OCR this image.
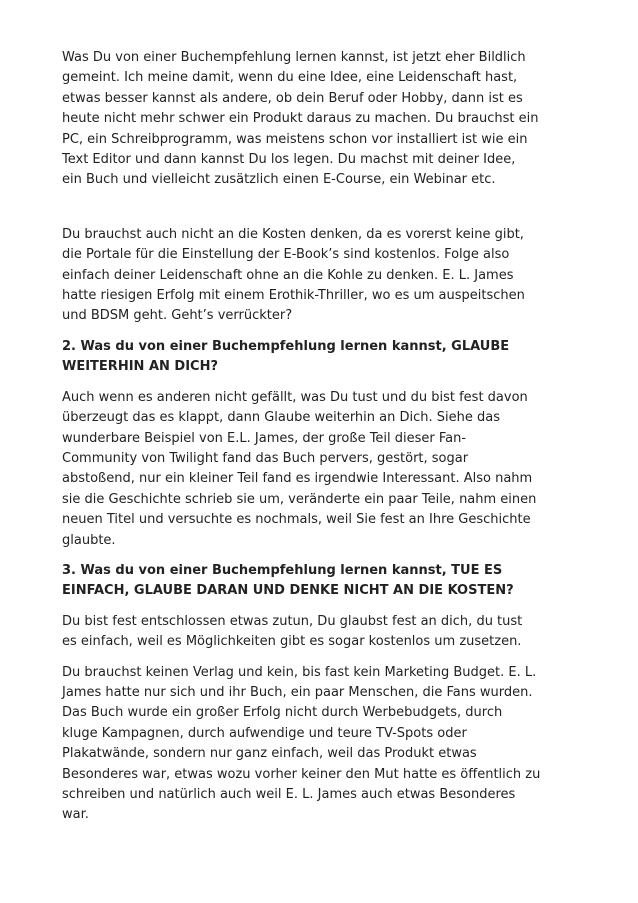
Was Du von einer Buchempfehlung lernen kannst, ist jetzt eher Bildlich
gemeint. Ich meine damit, wenn du eine Idee, eine Leidenschaft hast,
etwas besser kannst als andere, ob dein Beruf oder Hobby, dann ist es
heute nicht mehr schwer ein Produkt daraus zu machen. Du brauchst ein
PC, ein Schreibprogramm, was meistens schon vor installiert ist wie ein
Text Editor und dann kannst Du los legen. Du machst mit deiner Idee,
ein Buch und vielleicht zusätzlich einen E-Course, ein Webinar etc.

Du brauchst auch nicht an die Kosten denken, da es vorerst keine gibt,
die Portale für die Einstellung der E-Book’s sind kostenlos. Folge also
einfach deiner Leidenschaft ohne an die Kohle zu denken. E. L. James
hatte riesigen Erfolg mit einem Erothik-Thriller, wo es um auspeitschen
und BDSM geht. Geht’s verrückter?

2. Was du von einer Buchempfehlung lernen kannst, GLAUBE
WEITERHIN AN DICH?

Auch wenn es anderen nicht gefällt, was Du tust und du bist fest davon
überzeugt das es klappt, dann Glaube weiterhin an Dich. Siehe das
wunderbare Beispiel von E.L. James, der große Teil dieser Fan-
Community von Twilight fand das Buch pervers, gestört, sogar
abstoßend, nur ein kleiner Teil fand es irgendwie Interessant. Also nahm
sie die Geschichte schrieb sie um, veränderte ein paar Teile, nahm einen
neuen Titel und versuchte es nochmals, weil Sie fest an Ihre Geschichte
glaubte.

3. Was du von einer Buchempfehlung lernen kannst, TUE ES
EINFACH, GLAUBE DARAN UND DENKE NICHT AN DIE KOSTEN?

Du bist fest entschlossen etwas zutun, Du glaubst fest an dich, du tust
es einfach, weil es Möglichkeiten gibt es sogar kostenlos um zusetzen.

Du brauchst keinen Verlag und kein, bis fast kein Marketing Budget. E. L.
James hatte nur sich und ihr Buch, ein paar Menschen, die Fans wurden.
Das Buch wurde ein großer Erfolg nicht durch Werbebudgets, durch
kluge Kampagnen, durch aufwendige und teure TV-Spots oder
Plakatwände, sondern nur ganz einfach, weil das Produkt etwas
Besonderes war, etwas wozu vorher keiner den Mut hatte es öffentlich zu
schreiben und natürlich auch weil E. L. James auch etwas Besonderes
war.
